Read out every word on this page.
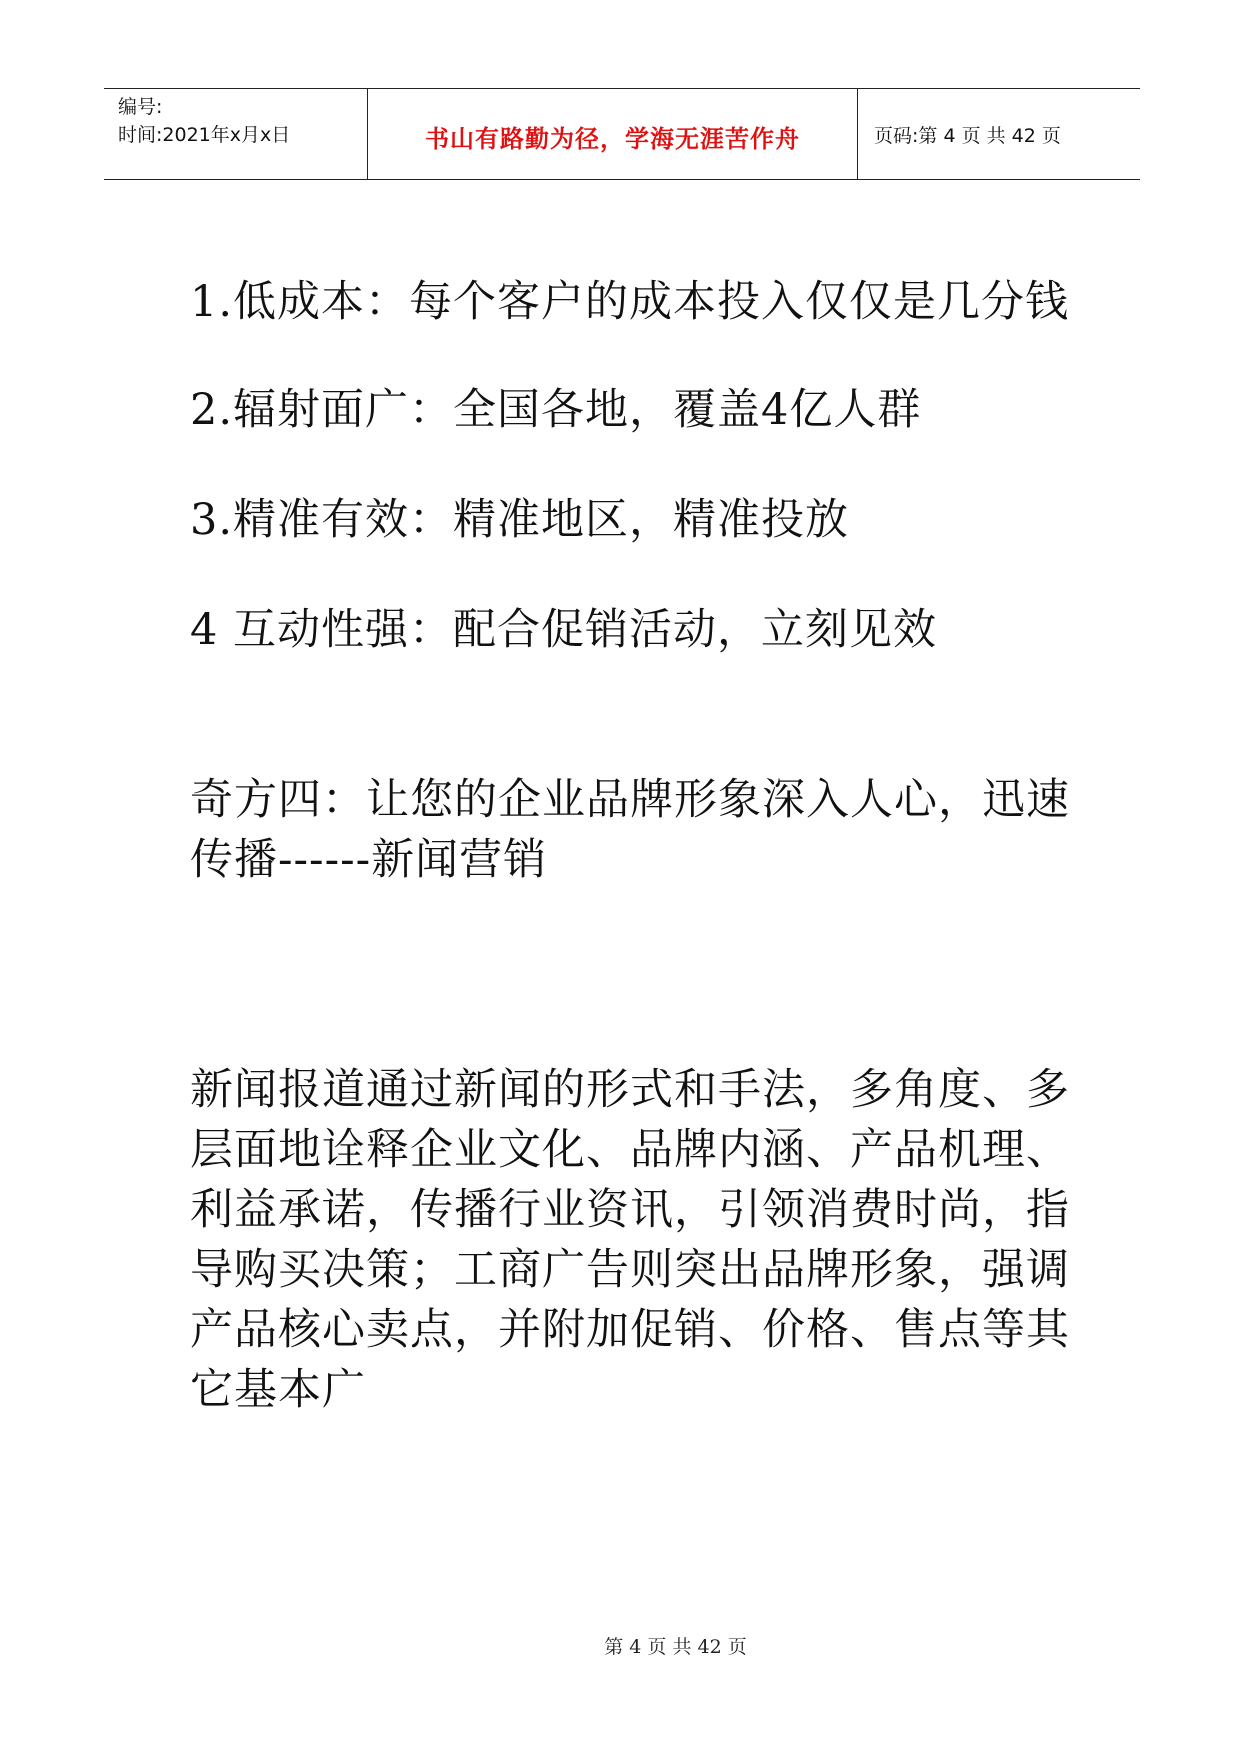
编号:
时间:2021年x月x日	书山有路勤为径，学海无涯苦作舟	页码:第 4 页 共 42 页

1.低成本：每个客户的成本投入仅仅是几分钱

2.辐射面广：全国各地，覆盖4亿人群

3.精准有效：精准地区，精准投放

4 互动性强：配合促销活动，立刻见效

奇方四：让您的企业品牌形象深入人心，迅速传播------新闻营销

新闻报道通过新闻的形式和手法，多角度、多层面地诠释企业文化、品牌内涵、产品机理、利益承诺，传播行业资讯，引领消费时尚，指导购买决策；工商广告则突出品牌形象，强调产品核心卖点，并附加促销、价格、售点等其它基本广

第 4 页 共 42 页
